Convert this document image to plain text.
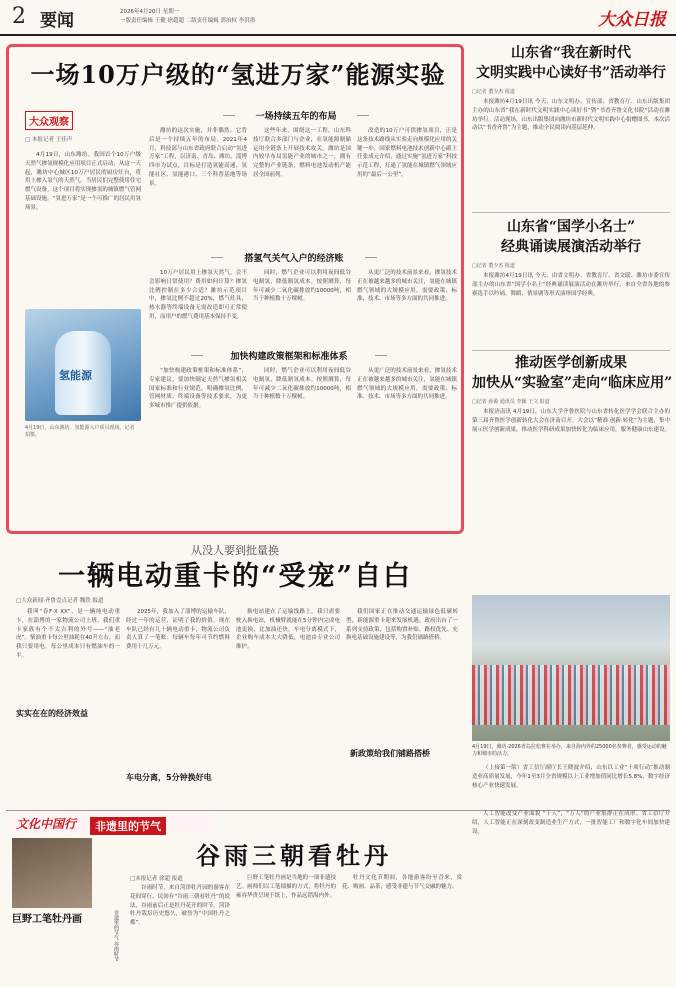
2 要闻	2026年4月20日 星期一
一版责任编辑 王健 徐超超 二版责任编辑 郭治权 李洪墨	大众日报
一场10万户级的“氢进万家”能源实验
大众观察
□ 本报记者 王佳声

4月19日，山东潍坊。我国首个10万户级天然气掺氢规模化应用项目正式启动，从这一天起，潍坊中心城区10万户居民的厨房灶台，将用上掺入氢气的天然气。当居民们完整使用住宅燃气设备，这个项目将实现掺氢的城镇燃气管网基础设施。“氢进万家”是一个可推广的居民用氢场景。

氢能源
4月19日，山东潍坊，氢能源入户项目现场。记者 拍摄。
一场持续五年的布局

潍坊的这次实施，并非偶然。它背后是一个持续五年的布局。2021年4月，科技部与山东省政府联合启动“氢进万家”工程，以济南、青岛、潍坊、淄博四市为试点，目标是打造氢能高速、氢能社区、氢能港口、三个科普基地等场景。

这些年来，围绕这一工程，山东科技厅联合多部门与企业，在氢能源制储运用全链条上开展技术攻关。潍坊是国内较早布局氢能产业的城市之一，拥有完整的产业链条，燃料电池发动机产能居全国前列。

改造的10万户可供掺氢项目，正是这条技术路线从实验走向规模化应用的关键一步。国家燃料电池技术创新中心副主任张成元介绍，通过实施“氢进万家”科技示范工程，打通了氢能在城镇燃气领域应用的“最后一公里”。

搭氢气关气入户的经济账

10万户居民用上掺氢天然气，会不会影响日常使用？费用如何计算？掺氢比例控制在多少合适？潍坊示范项目中，掺氢比例不超过20%，燃气灶具、热水器等终端设备无需改造即可正常使用，而用户的燃气费用基本保持不变。

同时，燃气企业可以利用夜间低谷电制氢，降低制氢成本。按照测算，每年可减少二氧化碳排放约10000吨，相当于种植数十万棵树。

从更广泛的技术前景来看，掺氢技术正在被越来越多的城市关注，氢能在城镇燃气领域的大规模应用，需要政策、标准、技术、市场等多方面的共同推进。

加快构建政策框架和标准体系

“加快构建政策框架和标准体系”，专家建议，要加快制定天然气掺氢相关国家标准和行业规范，明确掺氢比例、管网材质、终端设备等技术要求，为更多城市推广提供依据。

同时，燃气企业可以利用夜间低谷电制氢，降低制氢成本。按照测算，每年可减少二氧化碳排放约10000吨，相当于种植数十万棵树。

从更广泛的技术前景来看，掺氢技术正在被越来越多的城市关注，氢能在城镇燃气领域的大规模应用，需要政策、标准、技术、市场等多方面的共同推进。

山东省“我在新时代
文明实践中心读好书”活动举行
□记者 董少杰 报道

本报潍坊4月19日讯 今天，山东文明办、宣传部、省教育厅、山东出版集团主办的山东省“我在新时代文明实践中心读好书”暨“书香齐鲁文化书院”活动在潍坊举行。活动现场，山东出版集团向潍坊市新时代文明实践中心捐赠图书，本次活动以“书香齐鲁”为主题，推动全民阅读向基层延伸。

山东省“国学小名士”
经典诵读展演活动举行
□记者 董少杰 报道

本报潍坊4月19日讯 今天，由省文明办、省教育厅、省文联、潍坊市委宣传部主办的山东省“国学小名士”经典诵读展演活动在潍坊举行。来自全省各地的参赛选手以吟诵、舞蹈、情景剧等形式演绎国学经典。

推动医学创新成果
加快从“实验室”走向“临床应用”
□记者 孙源 通讯员 李颖 王文 报道

本报济南讯 4月19日，山东大学齐鲁医院与山东省转化医学学会联合主办的第三届齐鲁医学创新转化大会在济南召开。大会以“精准·创新·转化”为主题，集中展示医学创新成果，推动医学科研成果加快转化为临床应用，服务健康山东建设。

4月19日，潍坊·2026青岛拉松赛在举办，来自海内外的25000名参赛者，感受运动的魅力和城市的活力。

（上接第一版）省工信厅副厅长王晓波介绍，山东以工业“十项行动”推动制造业高质量发展，今年1至3月全省规模以上工业增加值同比增长5.8%，数字经济核心产业快速发展。

从没人要到批量换
一辆电动重卡的“受宠”自白
□大众新闻·齐鲁壹点记者 魏铁 报道

我叫“春F·X XX”，是一辆纯电动重卡，在淄博的一家物流公司上班。我们重卡家族有个不太吉利的外号——“油老虎”。柴油重卡每公里油耗在40升左右，而我只要用电，每公里成本只有燃油车的一半。

实实在在的经济效益

2025年，我加入了淄博的运输车队，经过一年的运营，证明了我的价值。现在车队已经有几十辆电动重卡，物流公司负责人算了一笔账：每辆车每年可节约燃料费用十几万元。

车电分离，5分钟换好电

换电站建在了运输线路上，我只需要驶入换电站，机械臂就能在5分钟内完成电池更换，比加油还快。车电分离模式下，企业购车成本大大降低，电池由专业公司维护。

新政策给我们铺路搭桥

我们国家正在推动交通运输绿色低碳转型，新能源重卡迎来发展机遇。政府出台了一系列支持政策，包括购置补贴、路权优先、充换电基础设施建设等，为我们铺路搭桥。

文化中国行	非遗里的节气
谷雨三朝看牡丹
巨野工笔牡丹画	非遗里的节气 谷雨时节
□本报记者 徐超 报道

谷雨时节，来自菏泽牡丹园的游客在花间穿行。民间有“谷雨三朝看牡丹”的说法，谷雨前后正是牡丹花开的时节。菏泽牡丹栽培历史悠久，被誉为“中国牡丹之都”。

巨野工笔牡丹画是当地的一项非遗技艺。画师们以工笔细描的方式，将牡丹的雍容华贵呈现于纸上，作品远销海内外。

牡丹文化节期间，各地游客纷至沓来，赏花、购画、品茶，感受非遗与节气交融的魅力。

人工智能改变产业面貌 “千人”，“万人”的产业集群正在成形。省工信厅介绍，人工智能正在深刻改变制造业生产方式，一批智能工厂和数字化车间加快建设。
